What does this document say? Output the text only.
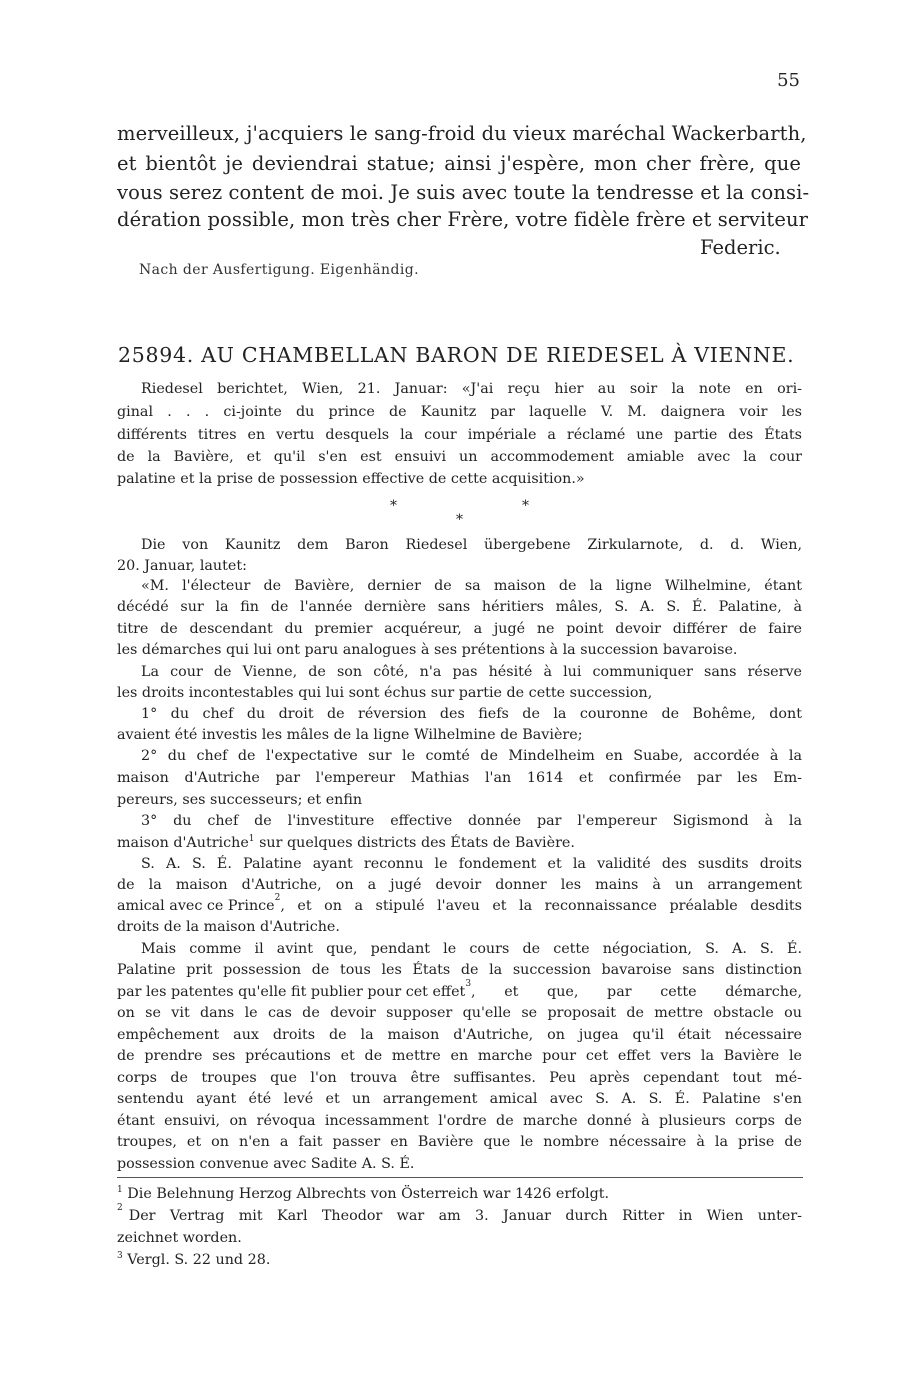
55
merveilleux, j'acquiers le sang-froid du vieux maréchal Wackerbarth,
et bientôt je deviendrai statue; ainsi j'espère, mon cher frère, que
vous serez content de moi. Je suis avec toute la tendresse et la consi-
dération possible, mon très cher Frère, votre fidèle frère et serviteur
Federic.
Nach der Ausfertigung. Eigenhändig.
25894. AU CHAMBELLAN BARON DE RIEDESEL À VIENNE.
Riedesel berichtet, Wien, 21. Januar: «J'ai reçu hier au soir la note en ori-
ginal . . . ci-jointe du prince de Kaunitz par laquelle V. M. daignera voir les
différents titres en vertu desquels la cour impériale a réclamé une partie des États
de la Bavière, et qu'il s'en est ensuivi un accommodement amiable avec la cour
palatine et la prise de possession effective de cette acquisition.»
*	*
*
Die von Kaunitz dem Baron Riedesel übergebene Zirkularnote, d. d. Wien,
20. Januar, lautet:
«M. l'électeur de Bavière, dernier de sa maison de la ligne Wilhelmine, étant
décédé sur la fin de l'année dernière sans héritiers mâles, S. A. S. É. Palatine, à
titre de descendant du premier acquéreur, a jugé ne point devoir différer de faire
les démarches qui lui ont paru analogues à ses prétentions à la succession bavaroise.
La cour de Vienne, de son côté, n'a pas hésité à lui communiquer sans réserve
les droits incontestables qui lui sont échus sur partie de cette succession,
1° du chef du droit de réversion des fiefs de la couronne de Bohême, dont
avaient été investis les mâles de la ligne Wilhelmine de Bavière;
2° du chef de l'expectative sur le comté de Mindelheim en Suabe, accordée à la
maison d'Autriche par l'empereur Mathias l'an 1614 et confirmée par les Em-
pereurs, ses successeurs; et enfin
3° du chef de l'investiture effective donnée par l'empereur Sigismond à la
maison d'Autriche$^1$ sur quelques districts des États de Bavière.
S. A. S. É. Palatine ayant reconnu le fondement et la validité des susdits droits
de la maison d'Autriche, on a jugé devoir donner les mains à un arrangement
amical avec ce Prince 2 , et on a stipulé l'aveu et la reconnaissance préalable desdits
droits de la maison d'Autriche.
Mais comme il avint que, pendant le cours de cette négociation, S. A. S. É.
Palatine prit possession de tous les États de la succession bavaroise sans distinction
par les patentes qu'elle fit publier pour cet effet 3 , et que, par cette démarche,
on se vit dans le cas de devoir supposer qu'elle se proposait de mettre obstacle ou
empêchement aux droits de la maison d'Autriche, on jugea qu'il était nécessaire
de prendre ses précautions et de mettre en marche pour cet effet vers la Bavière le
corps de troupes que l'on trouva être suffisantes. Peu après cependant tout mé-
sentendu ayant été levé et un arrangement amical avec S. A. S. É. Palatine s'en
étant ensuivi, on révoqua incessamment l'ordre de marche donné à plusieurs corps de
troupes, et on n'en a fait passer en Bavière que le nombre nécessaire à la prise de
possession convenue avec Sadite A. S. É.
$^1$ Die Belehnung Herzog Albrechts von Österreich war 1426 erfolgt.
2 Der Vertrag mit Karl Theodor war am 3. Januar durch Ritter in Wien unter-
zeichnet worden.
$^3$ Vergl. S. 22 und 28.
